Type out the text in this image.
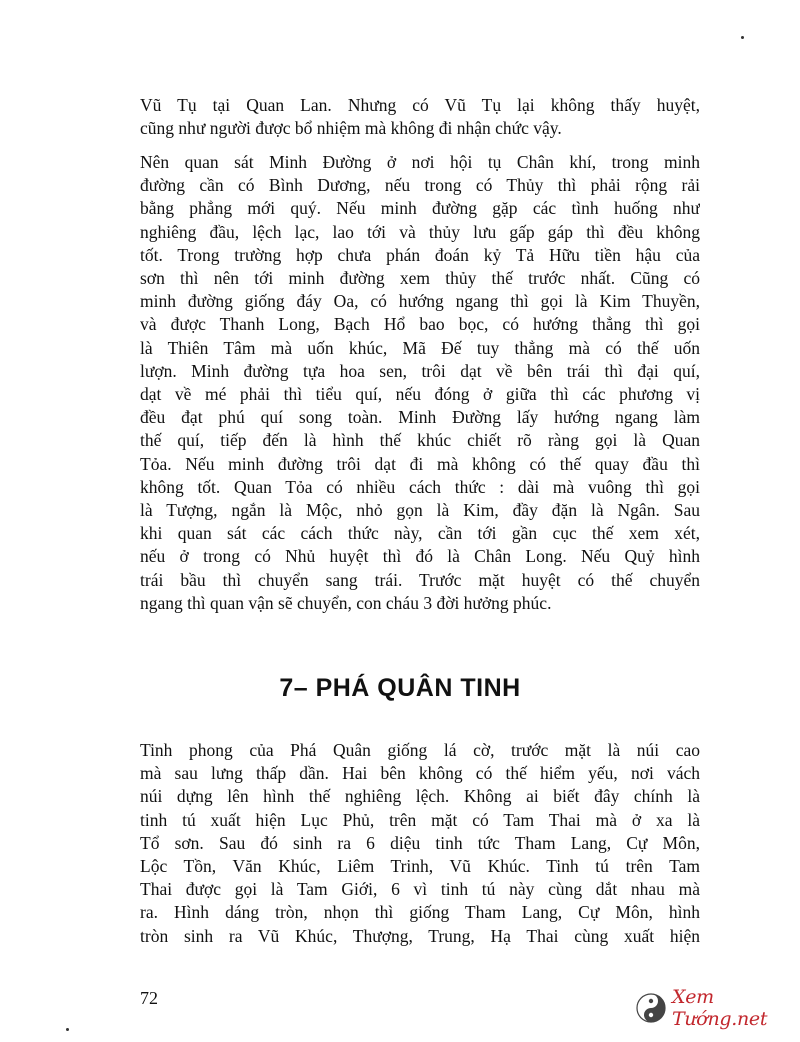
Vũ Tụ tại Quan Lan. Nhưng có Vũ Tụ lại không thấy huyệt,
cũng như người được bổ nhiệm mà không đi nhận chức vậy.
Nên quan sát Minh Đường ở nơi hội tụ Chân khí, trong minh
đường cần có Bình Dương, nếu trong có Thủy thì phải rộng rải
bằng phẳng mới quý. Nếu minh đường gặp các tình huống như
nghiêng đầu, lệch lạc, lao tới và thủy lưu gấp gáp thì đều không
tốt. Trong trường hợp chưa phán đoán kỷ Tả Hữu tiền hậu của
sơn thì nên tới minh đường xem thủy thế trước nhất. Cũng có
minh đường giống đáy Oa, có hướng ngang thì gọi là Kim Thuyền,
và được Thanh Long, Bạch Hổ bao bọc, có hướng thẳng thì gọi
là Thiên Tâm mà uốn khúc, Mã Đế tuy thẳng mà có thế uốn
lượn. Minh đường tựa hoa sen, trôi dạt về bên trái thì đại quí,
dạt về mé phải thì tiểu quí, nếu đóng ở giữa thì các phương vị
đều đạt phú quí song toàn. Minh Đường lấy hướng ngang làm
thế quí, tiếp đến là hình thế khúc chiết rõ ràng gọi là Quan
Tỏa. Nếu minh đường trôi dạt đi mà không có thế quay đầu thì
không tốt. Quan Tỏa có nhiều cách thức : dài mà vuông thì gọi
là Tượng, ngắn là Mộc, nhỏ gọn là Kim, đầy đặn là Ngân. Sau
khi quan sát các cách thức này, cần tới gần cục thế xem xét,
nếu ở trong có Nhủ huyệt thì đó là Chân Long. Nếu Quỷ hình
trái bầu thì chuyển sang trái. Trước mặt huyệt có thế chuyển
ngang thì quan vận sẽ chuyển, con cháu 3 đời hưởng phúc.
7– PHÁ QUÂN TINH
Tinh phong của Phá Quân giống lá cờ, trước mặt là núi cao
mà sau lưng thấp dần. Hai bên không có thế hiểm yếu, nơi vách
núi dựng lên hình thế nghiêng lệch. Không ai biết đây chính là
tinh tú xuất hiện Lục Phủ, trên mặt có Tam Thai mà ở xa là
Tổ sơn. Sau đó sinh ra 6 diệu tinh tức Tham Lang, Cự Môn,
Lộc Tồn, Văn Khúc, Liêm Trinh, Vũ Khúc. Tinh tú trên Tam
Thai được gọi là Tam Giới, 6 vì tinh tú này cùng dắt nhau mà
ra. Hình dáng tròn, nhọn thì giống Tham Lang, Cự Môn, hình
tròn sinh ra Vũ Khúc, Thượng, Trung, Hạ Thai cùng xuất hiện
72	Xem Tướng.net
